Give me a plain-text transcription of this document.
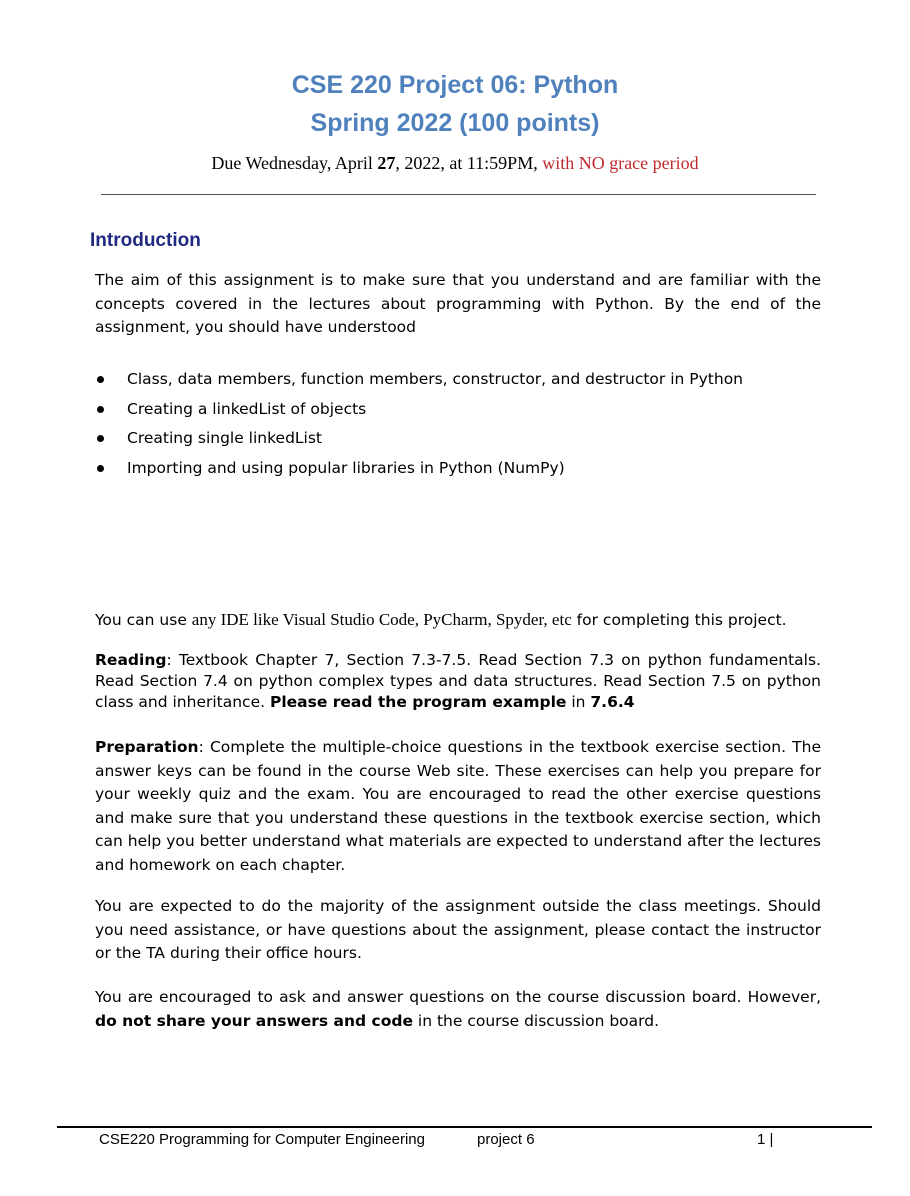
CSE 220 Project 06: Python
Spring 2022 (100 points)
Due Wednesday, April 27, 2022, at 11:59PM, with NO grace period
Introduction
The aim of this assignment is to make sure that you understand and are familiar with the concepts covered in the lectures about programming with Python. By the end of the assignment, you should have understood
Class, data members, function members, constructor, and destructor in Python
Creating a linkedList of objects
Creating single linkedList
Importing and using popular libraries in Python (NumPy)
You can use any IDE like Visual Studio Code, PyCharm, Spyder, etc for completing this project.
Reading: Textbook Chapter 7, Section 7.3-7.5. Read Section 7.3 on python fundamentals. Read Section 7.4 on python complex types and data structures. Read Section 7.5 on python class and inheritance. Please read the program example in 7.6.4
Preparation: Complete the multiple-choice questions in the textbook exercise section. The answer keys can be found in the course Web site. These exercises can help you prepare for your weekly quiz and the exam. You are encouraged to read the other exercise questions and make sure that you understand these questions in the textbook exercise section, which can help you better understand what materials are expected to understand after the lectures and homework on each chapter.
You are expected to do the majority of the assignment outside the class meetings. Should you need assistance, or have questions about the assignment, please contact the instructor or the TA during their office hours.
You are encouraged to ask and answer questions on the course discussion board. However, do not share your answers and code in the course discussion board.
CSE220 Programming for Computer Engineering	project 6	1 |
